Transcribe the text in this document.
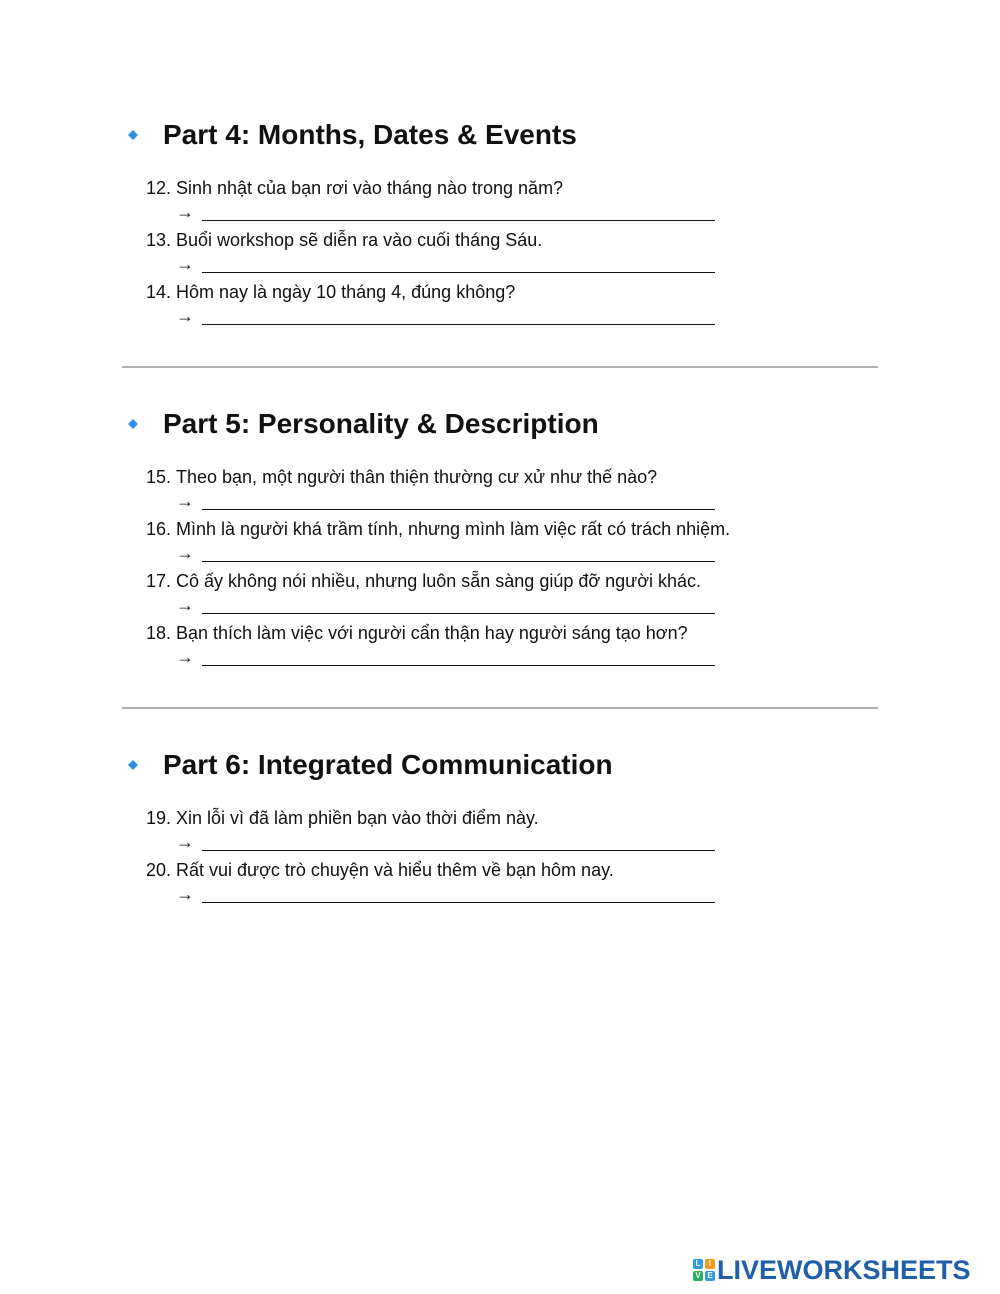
Part 4: Months, Dates & Events
12. Sinh nhật của bạn rơi vào tháng nào trong năm?
→
13. Buổi workshop sẽ diễn ra vào cuối tháng Sáu.
→
14. Hôm nay là ngày 10 tháng 4, đúng không?
→
Part 5: Personality & Description
15. Theo bạn, một người thân thiện thường cư xử như thế nào?
→
16. Mình là người khá trầm tính, nhưng mình làm việc rất có trách nhiệm.
→
17. Cô ấy không nói nhiều, nhưng luôn sẵn sàng giúp đỡ người khác.
→
18. Bạn thích làm việc với người cẩn thận hay người sáng tạo hơn?
→
Part 6: Integrated Communication
19. Xin lỗi vì đã làm phiền bạn vào thời điểm này.
→
20. Rất vui được trò chuyện và hiểu thêm về bạn hôm nay.
→
L	I
V E LIVEWORKSHEETS
